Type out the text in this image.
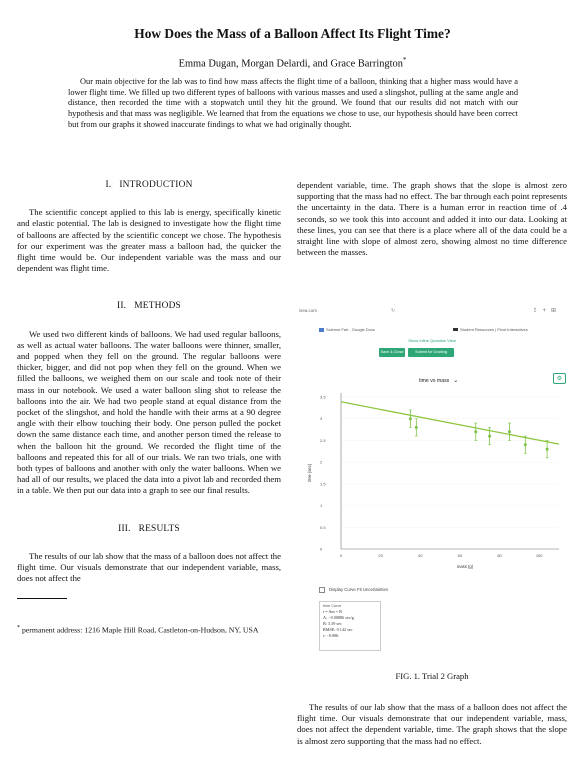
How Does the Mass of a Balloon Affect Its Flight Time?
Emma Dugan, Morgan Delardi, and Grace Barrington*

Our main objective for the lab was to find how mass affects the flight time of a balloon, thinking that a higher mass would have a lower flight time. We filled up two different types of balloons with various masses and used a slingshot, pulling at the same angle and distance, then recorded the time with a stopwatch until they hit the ground. We found that our results did not match with our hypothesis and that mass was negligible. We learned that from the equations we chose to use, our hypothesis should have been correct but from our graphs it showed inaccurate findings to what we had originally thought.

I. INTRODUCTION

The scientific concept applied to this lab is energy, specifically kinetic and elastic potential. The lab is designed to investigate how the flight time of balloons are affected by the scientific concept we chose. The hypothesis for our experiment was the greater mass a balloon had, the quicker the flight time would be. Our independent variable was the mass and our dependent was flight time.

II. METHODS

We used two different kinds of balloons. We had used regular balloons, as well as actual water balloons. The water balloons were thinner, smaller, and popped when they fell on the ground. The regular balloons were thicker, bigger, and did not pop when they fell on the ground. When we filled the balloons, we weighed them on our scale and took note of their mass in our notebook. We used a water balloon sling shot to release the balloons into the air. We had two people stand at equal distance from the pocket of the slingshot, and hold the handle with their arms at a 90 degree angle with their elbow touching their body. One person pulled the pocket down the same distance each time, and another person timed the release to when the balloon hit the ground. We recorded the flight time of the balloons and repeated this for all of our trials. We ran two trials, one with both types of balloons and another with only the water balloons. When we had all of our results, we placed the data into a pivot lab and recorded them in a table. We then put our data into a graph to see our final results.

III. RESULTS

The results of our lab show that the mass of a balloon does not affect the flight time. Our visuals demonstrate that our independent variable, mass, does not affect the

* permanent address: 1216 Maple Hill Road, Castleton-on-Hudson, NY, USA

dependent variable, time. The graph shows that the slope is almost zero supporting that the mass had no effect. The bar through each point represents the uncertainty in the data. There is a human error in reaction time of .4 seconds, so we took this into account and added it into our data. Looking at these lines, you can see that there is a place where all of the data could be a straight line with slope of almost zero, showing almost no time difference between the masses.

ivea.com	↻	⇪+⊞
Science Fair - Google Docs	Student Resources | Pivot Interactives
Show Inline Question View
Save & Close	Submit for Grading
time vs mass ⌄	⚙
0
0.5
1
1.5
2
2.5
3
3.5
0	20	40	60	80	100
mass (g)
time (sec)
Display Curve Fit Uncertainties
time Curve
t = Am + B
A: −0.00886 sec/g
B: 3.39 sec
RMSE: 0.142 sec
r: −0.886
FIG. 1. Trial 2 Graph

The results of our lab show that the mass of a balloon does not affect the flight time. Our visuals demonstrate that our independent variable, mass, does not affect the dependent variable, time. The graph shows that the slope is almost zero supporting that the mass had no effect.
